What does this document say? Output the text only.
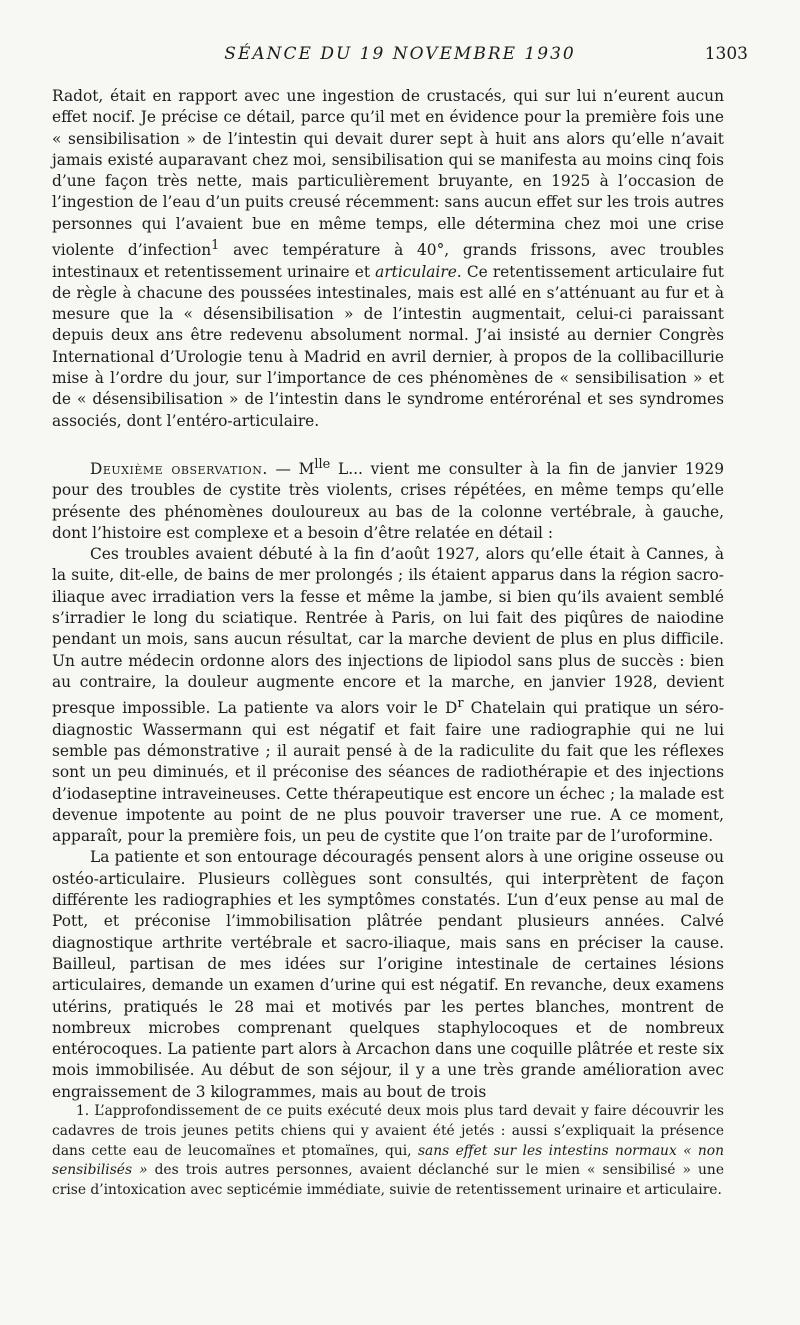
SÉANCE DU 19 NOVEMBRE 1930	1303

Radot, était en rapport avec une ingestion de crustacés, qui sur lui n’eurent aucun effet nocif. Je précise ce détail, parce qu’il met en évidence pour la première fois une « sensibilisation » de l’intestin qui devait durer sept à huit ans alors qu’elle n’avait jamais existé auparavant chez moi, sensibilisation qui se manifesta au moins cinq fois d’une façon très nette, mais particulièrement bruyante, en 1925 à l’occasion de l’ingestion de l’eau d’un puits creusé récemment: sans aucun effet sur les trois autres personnes qui l’avaient bue en même temps, elle détermina chez moi une crise violente d’infection$^1$ avec température à 40°, grands frissons, avec troubles intestinaux et retentissement urinaire et articulaire. Ce retentissement articulaire fut de règle à chacune des poussées intestinales, mais est allé en s’atténuant au fur et à mesure que la « désensibilisation » de l’intestin augmentait, celui-ci paraissant depuis deux ans être redevenu absolument normal. J’ai insisté au dernier Congrès International d’Urologie tenu à Madrid en avril dernier, à propos de la collibacillurie mise à l’ordre du jour, sur l’importance de ces phénomènes de « sensibilisation » et de « désensibilisation » de l’intestin dans le syndrome entérorénal et ses syndromes associés, dont l’entéro-articulaire.

Deuxième observation. — $M^{lle}$ L... vient me consulter à la fin de janvier 1929 pour des troubles de cystite très violents, crises répétées, en même temps qu’elle présente des phénomènes douloureux au bas de la colonne vertébrale, à gauche, dont l’histoire est complexe et a besoin d’être relatée en détail :

Ces troubles avaient débuté à la fin d’août 1927, alors qu’elle était à Cannes, à la suite, dit-elle, de bains de mer prolongés ; ils étaient apparus dans la région sacro-iliaque avec irradiation vers la fesse et même la jambe, si bien qu’ils avaient semblé s’irradier le long du sciatique. Rentrée à Paris, on lui fait des piqûres de naiodine pendant un mois, sans aucun résultat, car la marche devient de plus en plus difficile. Un autre médecin ordonne alors des injections de lipiodol sans plus de succès : bien au contraire, la douleur augmente encore et la marche, en janvier 1928, devient presque impossible. La patiente va alors voir le $D^r$ Chatelain qui pratique un séro-diagnostic Wassermann qui est négatif et fait faire une radiographie qui ne lui semble pas démonstrative ; il aurait pensé à de la radiculite du fait que les réflexes sont un peu diminués, et il préconise des séances de radiothérapie et des injections d’iodaseptine intraveineuses. Cette thérapeutique est encore un échec ; la malade est devenue impotente au point de ne plus pouvoir traverser une rue. A ce moment, apparaît, pour la première fois, un peu de cystite que l’on traite par de l’uroformine.

La patiente et son entourage découragés pensent alors à une origine osseuse ou ostéo-articulaire. Plusieurs collègues sont consultés, qui interprètent de façon différente les radiographies et les symptômes constatés. L’un d’eux pense au mal de Pott, et préconise l’immobilisation plâtrée pendant plusieurs années. Calvé diagnostique arthrite vertébrale et sacro-iliaque, mais sans en préciser la cause. Bailleul, partisan de mes idées sur l’origine intestinale de certaines lésions articulaires, demande un examen d’urine qui est négatif. En revanche, deux examens utérins, pratiqués le 28 mai et motivés par les pertes blanches, montrent de nombreux microbes comprenant quelques staphylocoques et de nombreux entérocoques. La patiente part alors à Arcachon dans une coquille plâtrée et reste six mois immobilisée. Au début de son séjour, il y a une très grande amélioration avec engraissement de 3 kilogrammes, mais au bout de trois

1. L’approfondissement de ce puits exécuté deux mois plus tard devait y faire découvrir les cadavres de trois jeunes petits chiens qui y avaient été jetés : aussi s’expliquait la présence dans cette eau de leucomaïnes et ptomaïnes, qui, sans effet sur les intestins normaux « non sensibilisés » des trois autres personnes, avaient déclanché sur le mien « sensibilisé » une crise d’intoxication avec septicémie immédiate, suivie de retentissement urinaire et articulaire.
